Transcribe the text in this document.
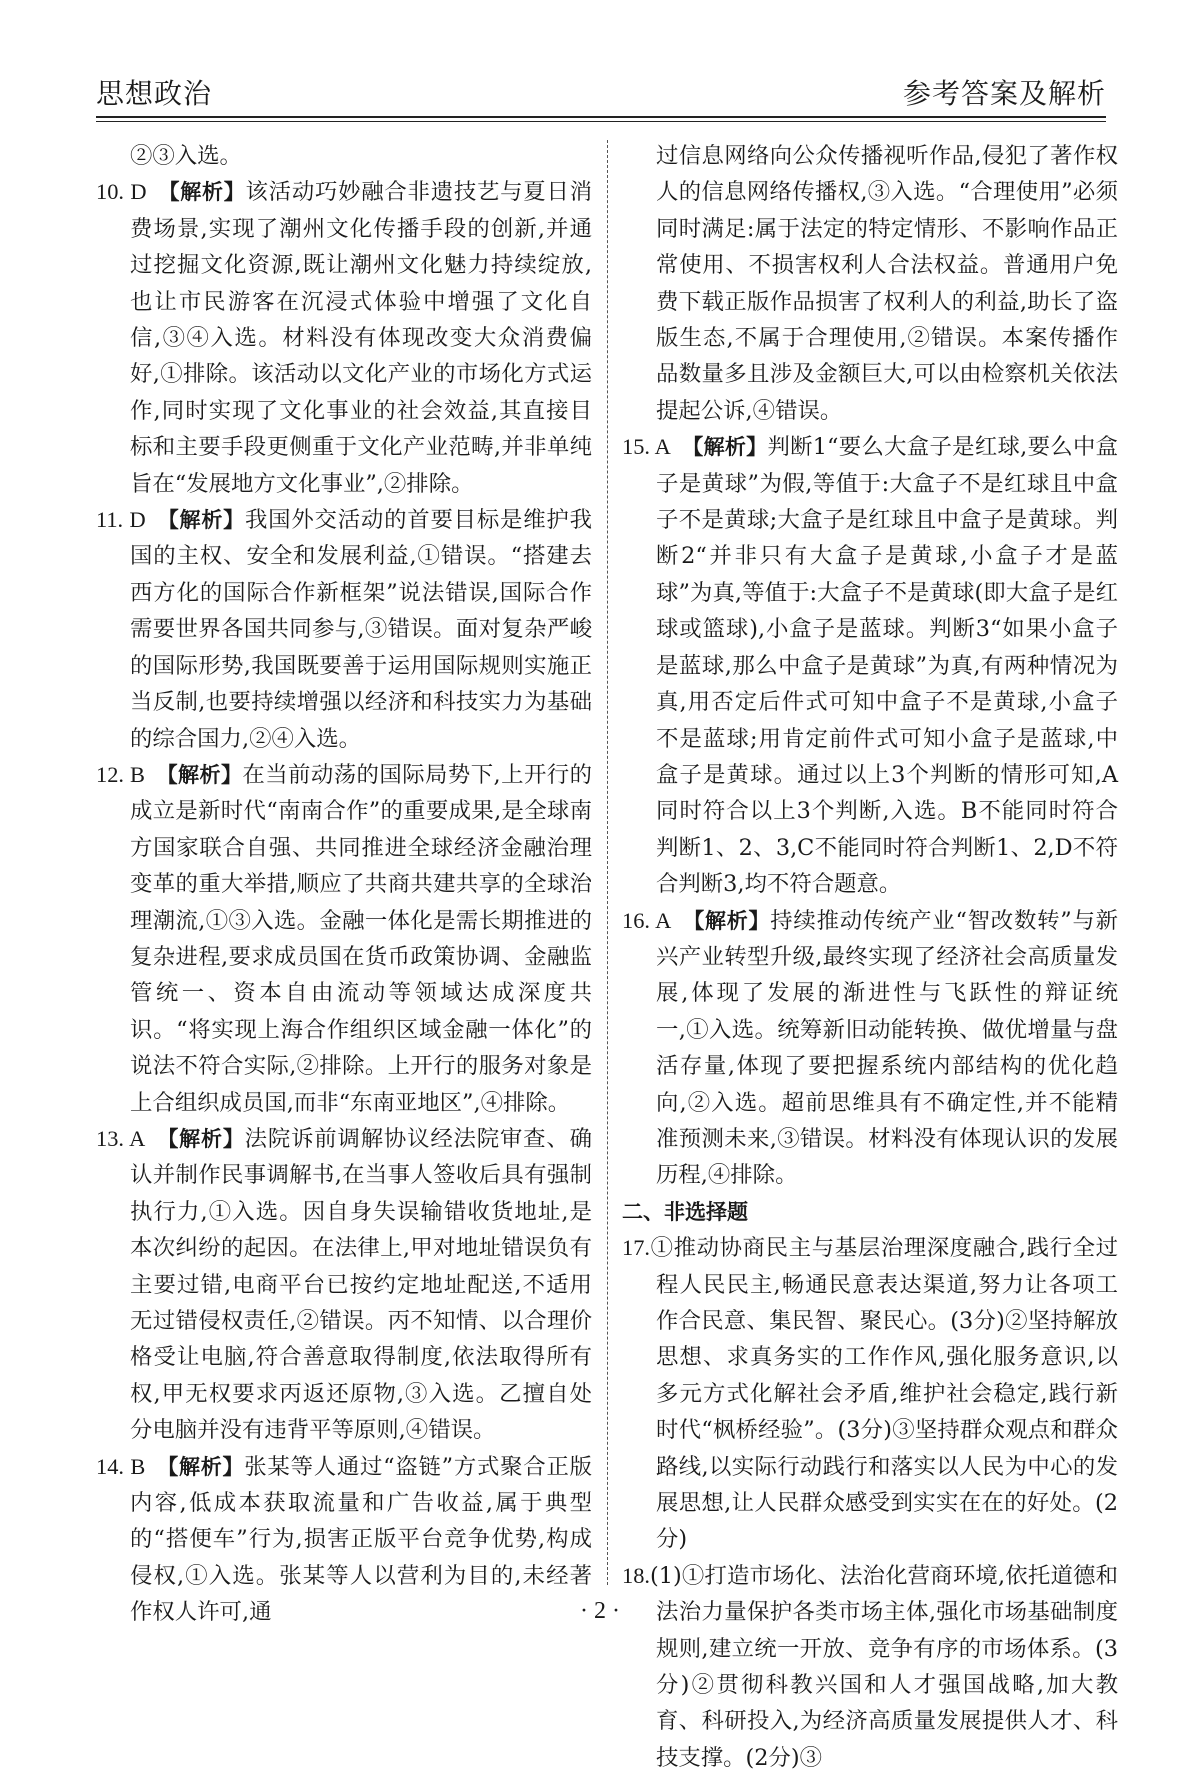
思想政治	参考答案及解析

②③入选。

10. D  【解析】该活动巧妙融合非遗技艺与夏日消费场景,实现了潮州文化传播手段的创新,并通过挖掘文化资源,既让潮州文化魅力持续绽放,也让市民游客在沉浸式体验中增强了文化自信,③④入选。材料没有体现改变大众消费偏好,①排除。该活动以文化产业的市场化方式运作,同时实现了文化事业的社会效益,其直接目标和主要手段更侧重于文化产业范畴,并非单纯旨在“发展地方文化事业”,②排除。

11. D  【解析】我国外交活动的首要目标是维护我国的主权、安全和发展利益,①错误。“搭建去西方化的国际合作新框架”说法错误,国际合作需要世界各国共同参与,③错误。面对复杂严峻的国际形势,我国既要善于运用国际规则实施正当反制,也要持续增强以经济和科技实力为基础的综合国力,②④入选。

12. B  【解析】在当前动荡的国际局势下,上开行的成立是新时代“南南合作”的重要成果,是全球南方国家联合自强、共同推进全球经济金融治理变革的重大举措,顺应了共商共建共享的全球治理潮流,①③入选。金融一体化是需长期推进的复杂进程,要求成员国在货币政策协调、金融监管统一、资本自由流动等领域达成深度共识。“将实现上海合作组织区域金融一体化”的说法不符合实际,②排除。上开行的服务对象是上合组织成员国,而非“东南亚地区”,④排除。

13. A  【解析】法院诉前调解协议经法院审查、确认并制作民事调解书,在当事人签收后具有强制执行力,①入选。因自身失误输错收货地址,是本次纠纷的起因。在法律上,甲对地址错误负有主要过错,电商平台已按约定地址配送,不适用无过错侵权责任,②错误。丙不知情、以合理价格受让电脑,符合善意取得制度,依法取得所有权,甲无权要求丙返还原物,③入选。乙擅自处分电脑并没有违背平等原则,④错误。

14. B  【解析】张某等人通过“盗链”方式聚合正版内容,低成本获取流量和广告收益,属于典型的“搭便车”行为,损害正版平台竞争优势,构成侵权,①入选。张某等人以营利为目的,未经著作权人许可,通

过信息网络向公众传播视听作品,侵犯了著作权人的信息网络传播权,③入选。“合理使用”必须同时满足:属于法定的特定情形、不影响作品正常使用、不损害权利人合法权益。普通用户免费下载正版作品损害了权利人的利益,助长了盗版生态,不属于合理使用,②错误。本案传播作品数量多且涉及金额巨大,可以由检察机关依法提起公诉,④错误。

15. A  【解析】判断1“要么大盒子是红球,要么中盒子是黄球”为假,等值于:大盒子不是红球且中盒子不是黄球;大盒子是红球且中盒子是黄球。判断2“并非只有大盒子是黄球,小盒子才是蓝球”为真,等值于:大盒子不是黄球(即大盒子是红球或篮球),小盒子是蓝球。判断3“如果小盒子是蓝球,那么中盒子是黄球”为真,有两种情况为真,用否定后件式可知中盒子不是黄球,小盒子不是蓝球;用肯定前件式可知小盒子是蓝球,中盒子是黄球。通过以上3个判断的情形可知,A同时符合以上3个判断,入选。B不能同时符合判断1、2、3,C不能同时符合判断1、2,D不符合判断3,均不符合题意。

16. A  【解析】持续推动传统产业“智改数转”与新兴产业转型升级,最终实现了经济社会高质量发展,体现了发展的渐进性与飞跃性的辩证统一,①入选。统筹新旧动能转换、做优增量与盘活存量,体现了要把握系统内部结构的优化趋向,②入选。超前思维具有不确定性,并不能精准预测未来,③错误。材料没有体现认识的发展历程,④排除。

二、非选择题

17.①推动协商民主与基层治理深度融合,践行全过程人民民主,畅通民意表达渠道,努力让各项工作合民意、集民智、聚民心。(3分)②坚持解放思想、求真务实的工作作风,强化服务意识,以多元方式化解社会矛盾,维护社会稳定,践行新时代“枫桥经验”。(3分)③坚持群众观点和群众路线,以实际行动践行和落实以人民为中心的发展思想,让人民群众感受到实实在在的好处。(2分)

18.(1)①打造市场化、法治化营商环境,依托道德和法治力量保护各类市场主体,强化市场基础制度规则,建立统一开放、竞争有序的市场体系。(3分)②贯彻科教兴国和人才强国战略,加大教育、科研投入,为经济高质量发展提供人才、科技支撑。(2分)③

· 2 ·
